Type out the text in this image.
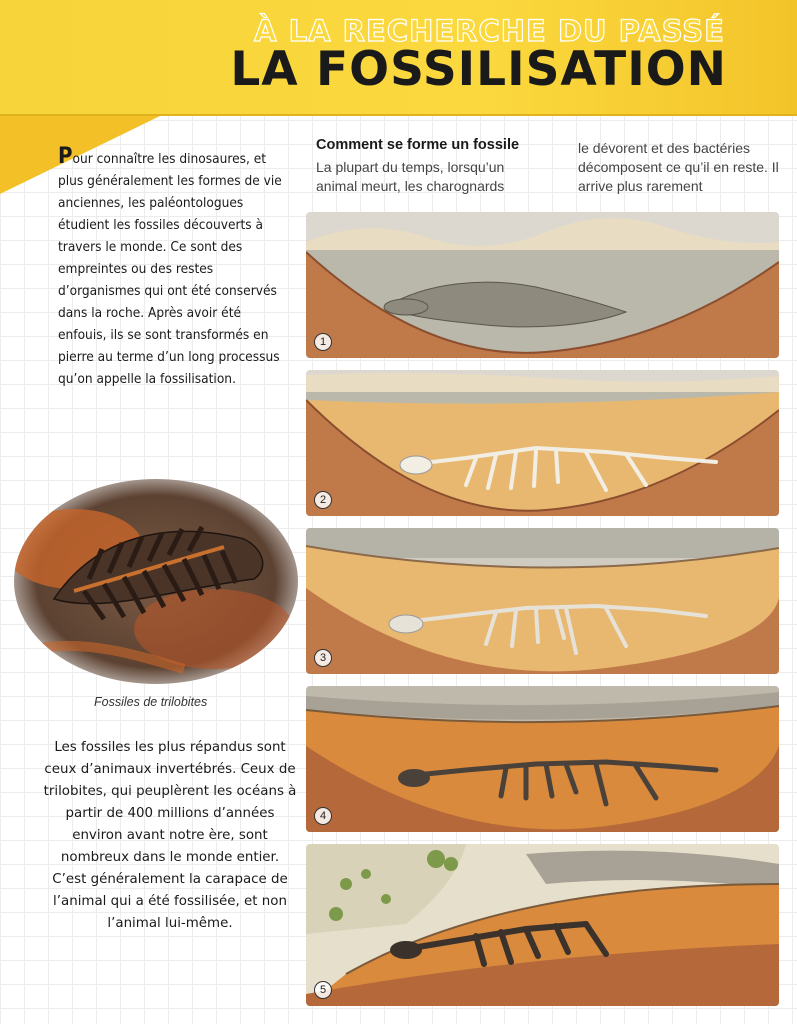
À LA RECHERCHE DU PASSÉ
LA FOSSILISATION

Pour connaître les dinosaures, et plus généralement les formes de vie anciennes, les paléontologues étudient les fossiles découverts à travers le monde. Ce sont des empreintes ou des restes d’organismes qui ont été conservés dans la roche. Après avoir été enfouis, ils se sont transformés en pierre au terme d’un long processus qu’on appelle la fossilisation.

Fossiles de trilobites

Les fossiles les plus répandus sont ceux d’animaux invertébrés. Ceux de trilobites, qui peuplèrent les océans à partir de 400 millions d’années environ avant notre ère, sont nombreux dans le monde entier. C’est généralement la carapace de l’animal qui a été fossilisée, et non l’animal lui-même.

Comment se forme un fossile
La plupart du temps, lorsqu’un animal meurt, les charognards
le dévorent et des bactéries décomposent ce qu’il en reste. Il arrive plus rarement
1
2
3
4
5
